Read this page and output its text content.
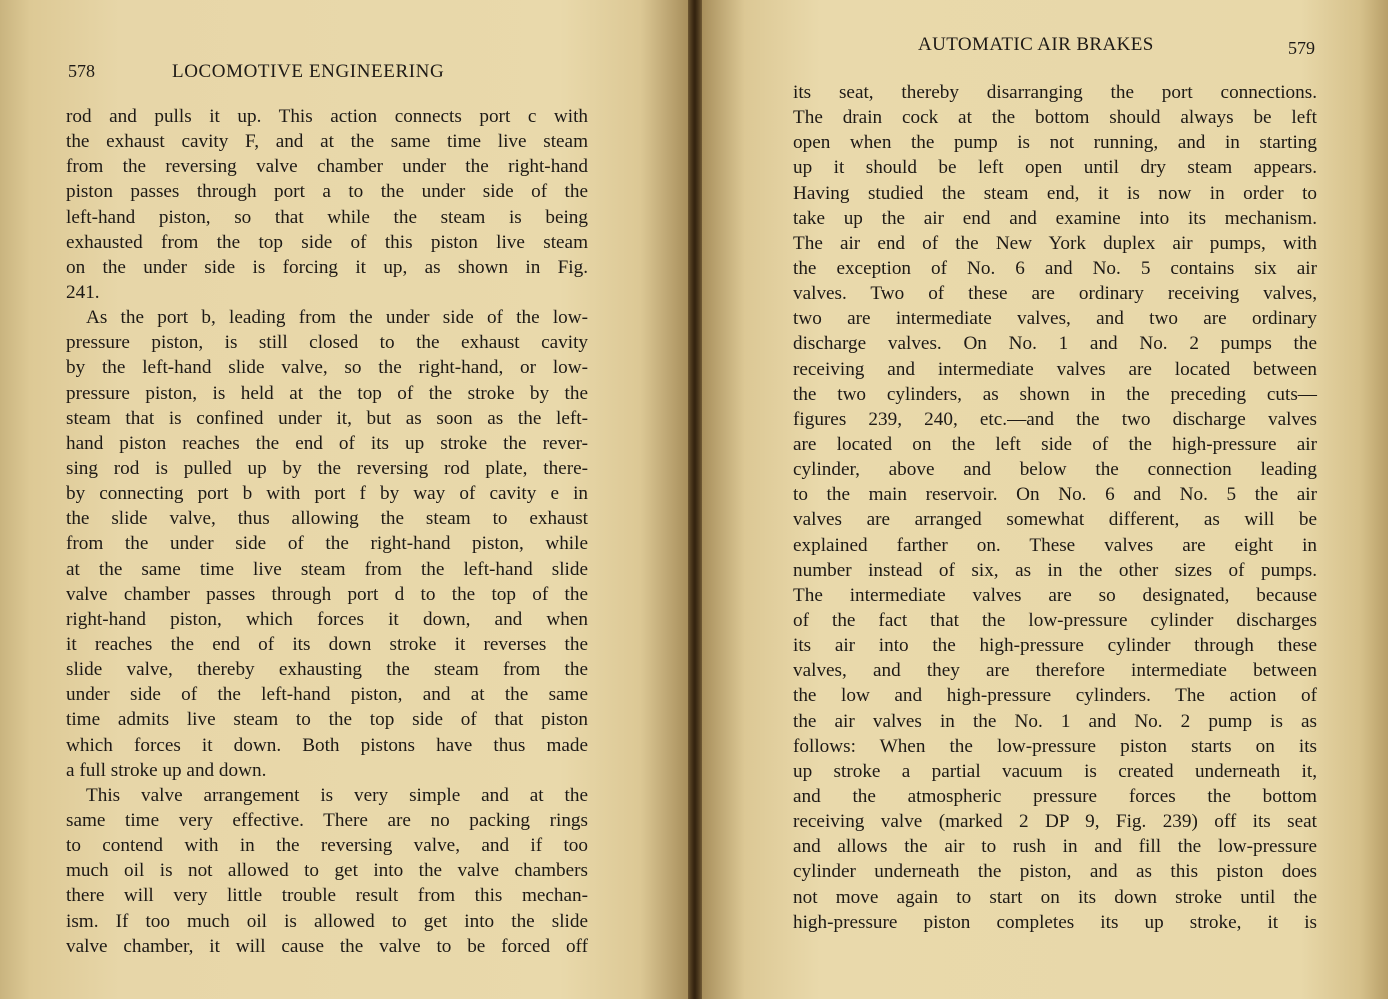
578	LOCOMOTIVE ENGINEERING
rod and pulls it up. This action connects port c with
the exhaust cavity F, and at the same time live steam
from the reversing valve chamber under the right-hand
piston passes through port a to the under side of the
left-hand piston, so that while the steam is being
exhausted from the top side of this piston live steam
on the under side is forcing it up, as shown in Fig.
241.
As the port b, leading from the under side of the low-
pressure piston, is still closed to the exhaust cavity
by the left-hand slide valve, so the right-hand, or low-
pressure piston, is held at the top of the stroke by the
steam that is confined under it, but as soon as the left-
hand piston reaches the end of its up stroke the rever-
sing rod is pulled up by the reversing rod plate, there-
by connecting port b with port f by way of cavity e in
the slide valve, thus allowing the steam to exhaust
from the under side of the right-hand piston, while
at the same time live steam from the left-hand slide
valve chamber passes through port d to the top of the
right-hand piston, which forces it down, and when
it reaches the end of its down stroke it reverses the
slide valve, thereby exhausting the steam from the
under side of the left-hand piston, and at the same
time admits live steam to the top side of that piston
which forces it down. Both pistons have thus made
a full stroke up and down.
This valve arrangement is very simple and at the
same time very effective. There are no packing rings
to contend with in the reversing valve, and if too
much oil is not allowed to get into the valve chambers
there will very little trouble result from this mechan-
ism. If too much oil is allowed to get into the slide
valve chamber, it will cause the valve to be forced off
AUTOMATIC AIR BRAKES	579
its seat, thereby disarranging the port connections.
The drain cock at the bottom should always be left
open when the pump is not running, and in starting
up it should be left open until dry steam appears.
Having studied the steam end, it is now in order to
take up the air end and examine into its mechanism.
The air end of the New York duplex air pumps, with
the exception of No. 6 and No. 5 contains six air
valves. Two of these are ordinary receiving valves,
two are intermediate valves, and two are ordinary
discharge valves. On No. 1 and No. 2 pumps the
receiving and intermediate valves are located between
the two cylinders, as shown in the preceding cuts—
figures 239, 240, etc.—and the two discharge valves
are located on the left side of the high-pressure air
cylinder, above and below the connection leading
to the main reservoir. On No. 6 and No. 5 the air
valves are arranged somewhat different, as will be
explained farther on. These valves are eight in
number instead of six, as in the other sizes of pumps.
The intermediate valves are so designated, because
of the fact that the low-pressure cylinder discharges
its air into the high-pressure cylinder through these
valves, and they are therefore intermediate between
the low and high-pressure cylinders. The action of
the air valves in the No. 1 and No. 2 pump is as
follows: When the low-pressure piston starts on its
up stroke a partial vacuum is created underneath it,
and the atmospheric pressure forces the bottom
receiving valve (marked 2 DP 9, Fig. 239) off its seat
and allows the air to rush in and fill the low-pressure
cylinder underneath the piston, and as this piston does
not move again to start on its down stroke until the
high-pressure piston completes its up stroke, it is
